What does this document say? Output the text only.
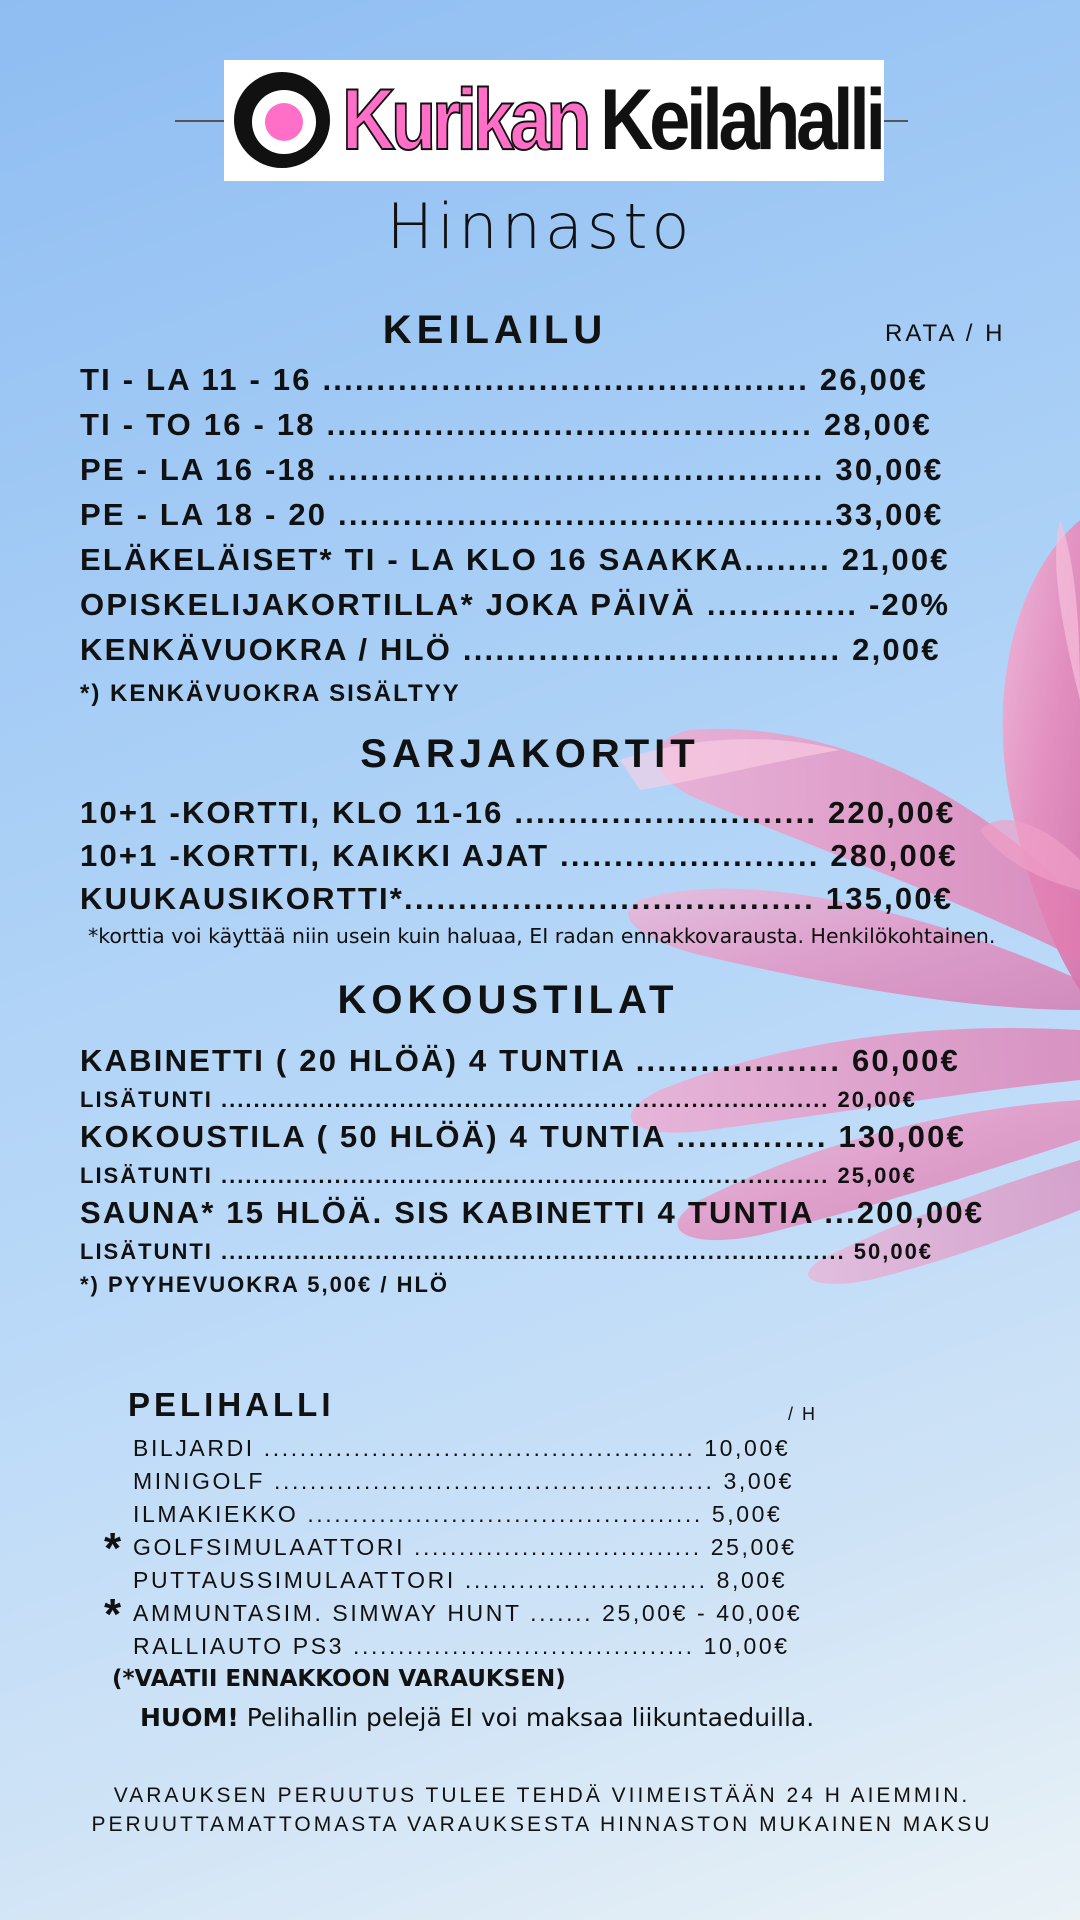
Kurikan Keilahalli
Hinnasto
KEILAILU	RATA / H
TI - LA 11 - 16 ............................................. 26,00€
TI - TO 16 - 18 ............................................. 28,00€
PE - LA 16 -18 .............................................. 30,00€
PE - LA 18 - 20 ..............................................33,00€
ELÄKELÄISET* TI - LA KLO 16 SAAKKA........ 21,00€
OPISKELIJAKORTILLA* JOKA PÄIVÄ .............. -20%
KENKÄVUOKRA / HLÖ ................................... 2,00€
*) KENKÄVUOKRA SISÄLTYY
SARJAKORTIT
10+1 -KORTTI, KLO 11-16 ............................ 220,00€
10+1 -KORTTI, KAIKKI AJAT ........................ 280,00€
KUUKAUSIKORTTI*...................................... 135,00€
*korttia voi käyttää niin usein kuin haluaa, EI radan ennakkovarausta. Henkilökohtainen.
KOKOUSTILAT
KABINETTI ( 20 HLÖÄ) 4 TUNTIA ................... 60,00€
LISÄTUNTI ........................................................................... 20,00€
KOKOUSTILA ( 50 HLÖÄ) 4 TUNTIA .............. 130,00€
LISÄTUNTI ........................................................................... 25,00€
SAUNA* 15 HLÖÄ. SIS KABINETTI 4 TUNTIA ...200,00€
LISÄTUNTI ............................................................................. 50,00€
*) PYYHEVUOKRA 5,00€ / HLÖ
PELIHALLI	/ H
BILJARDI ................................................ 10,00€
MINIGOLF ................................................. 3,00€
ILMAKIEKKO ............................................ 5,00€
* GOLFSIMULAATTORI ................................ 25,00€
PUTTAUSSIMULAATTORI ........................... 8,00€
* AMMUNTASIM. SIMWAY HUNT ....... 25,00€ - 40,00€
RALLIAUTO PS3 ...................................... 10,00€
(*VAATII ENNAKKOON VARAUKSEN)
HUOM! Pelihallin pelejä EI voi maksaa liikuntaeduilla.
VARAUKSEN PERUUTUS TULEE TEHDÄ VIIMEISTÄÄN 24 H AIEMMIN.
PERUUTTAMATTOMASTA VARAUKSESTA HINNASTON MUKAINEN MAKSU
